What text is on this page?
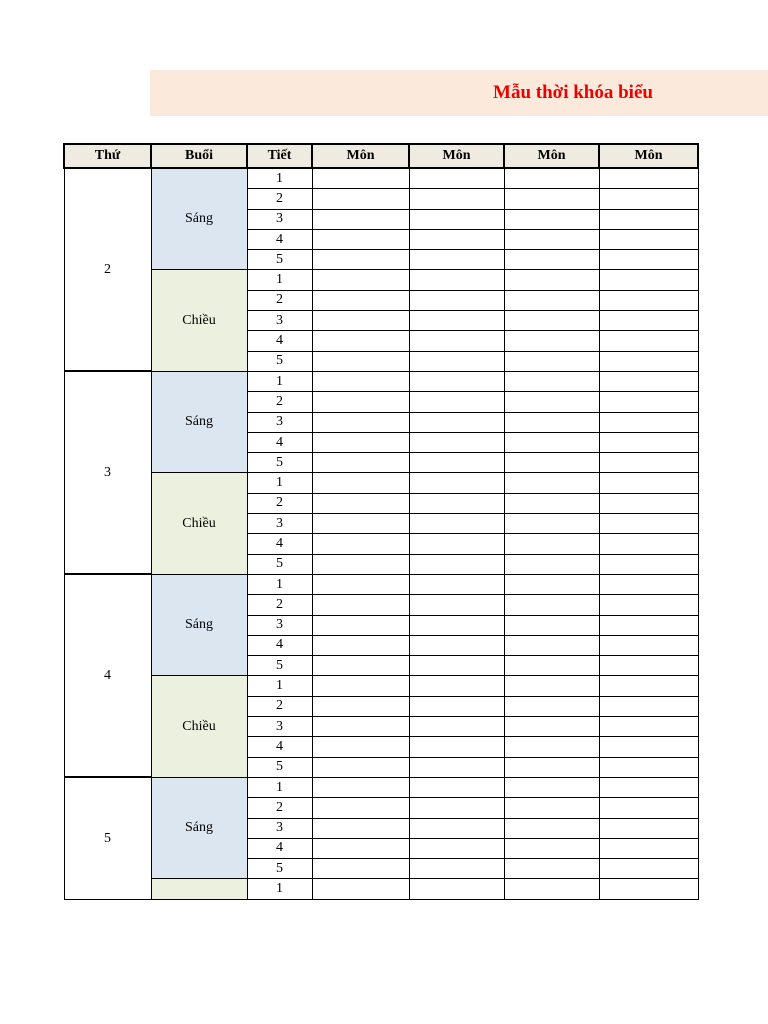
Mẫu thời khóa biểu
Thứ	Buổi	Tiết	Môn	Môn	Môn	Môn
2	Sáng	1				
		2				
		3				
		4				
		5				
	Chiều	1				
		2				
		3				
		4				
		5				
3	Sáng	1				
		2				
		3				
		4				
		5				
	Chiều	1				
		2				
		3				
		4				
		5				
4	Sáng	1				
		2				
		3				
		4				
		5				
	Chiều	1				
		2				
		3				
		4				
		5				
5	Sáng	1				
		2				
		3				
		4				
		5				
		1				
